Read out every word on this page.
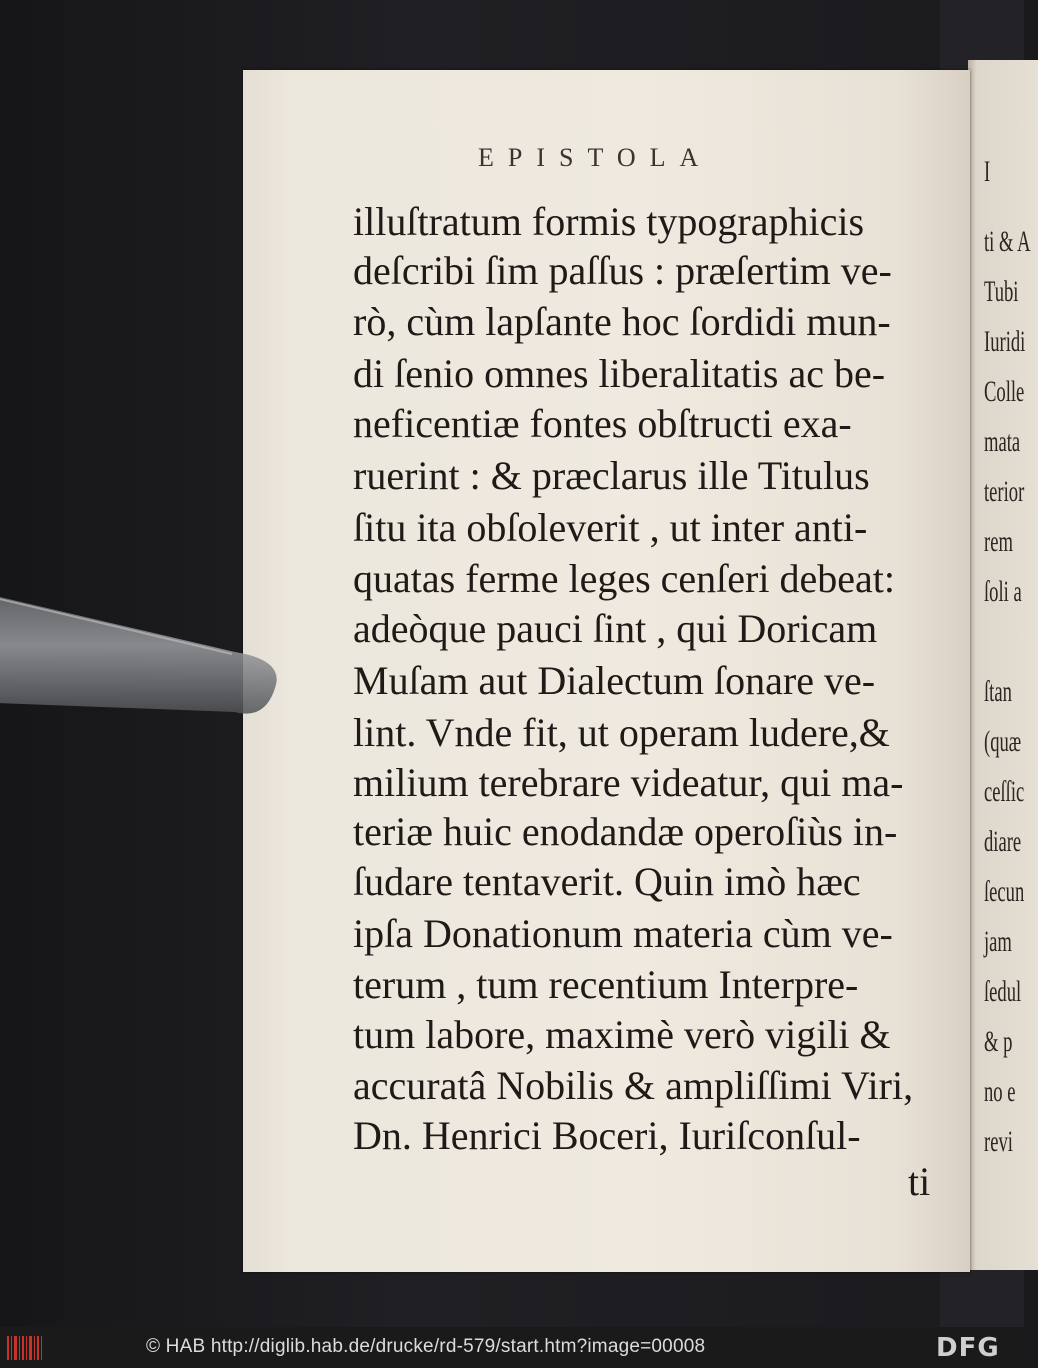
I
ti & A
Tubi
Iuridi
Colle
mata
terior
rem
ſoli a
ſtan
(quæ
ceſſic
diare
ſecun
jam
ſedul
& p
no e
revi
EPISTOLA
illuſtratum formis typographicis
deſcribi ſim paſſus : præſertim ve-
rò, cùm lapſante hoc ſordidi mun-
di ſenio omnes liberalitatis ac be-
neficentiæ fontes obſtructi exa-
ruerint : & præclarus ille Titulus
ſitu ita obſoleverit , ut inter anti-
quatas ferme leges cenſeri debeat:
adeòque pauci ſint , qui Doricam
Muſam aut Dialectum ſonare ve-
lint. Vnde fit, ut operam ludere,&
milium terebrare videatur, qui ma-
teriæ huic enodandæ operoſiùs in-
ſudare tentaverit. Quin imò hæc
ipſa Donationum materia cùm ve-
terum , tum recentium Interpre-
tum labore, maximè verò vigili &
accuratâ Nobilis & ampliſſimi Viri,
Dn. Henrici Boceri, Iuriſconſul-
ti
© HAB http://diglib.hab.de/drucke/rd-579/start.htm?image=00008	DFG
